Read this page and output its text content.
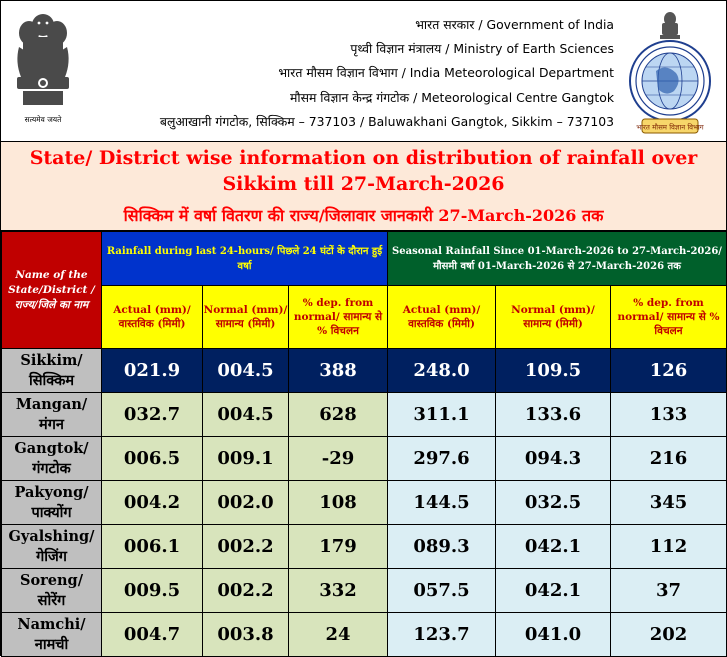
सत्यमेव जयते
भारत सरकार / Government of India
पृथ्वी विज्ञान मंत्रालय / Ministry of Earth Sciences
भारत मौसम विज्ञान विभाग / India Meteorological Department
मौसम विज्ञान केन्द्र गंगटोक / Meteorological Centre Gangtok
बलुआखानी गंगटोक, सिक्किम – 737103 / Baluwakhani Gangtok, Sikkim – 737103	भारत मौसम विज्ञान विभाग
State/ District wise information on distribution of rainfall over
Sikkim till 27-March-2026
सिक्किम में वर्षा वितरण की राज्य/जिलावार जानकारी 27-March-2026 तक
Name of the State/District / राज्य/जिले का नाम	Rainfall during last 24-hours/ पिछले 24 घंटों के दौरान हुई वर्षा			Seasonal Rainfall Since 01-March-2026 to 27-March-2026/ मौसमी वर्षा 01-March-2026 से 27-March-2026 तक		
	Actual (mm)/ वास्तविक (मिमी)	Normal (mm)/ सामान्य (मिमी)	% dep. from normal/ सामान्य से % विचलन	Actual (mm)/ वास्तविक (मिमी)	Normal (mm)/ सामान्य (मिमी)	% dep. from normal/ सामान्य से % विचलन
Sikkim/
सिक्किम	021.9	004.5	388	248.0	109.5	126
Mangan/
मंगन	032.7	004.5	628	311.1	133.6	133
Gangtok/
गंगटोक	006.5	009.1	-29	297.6	094.3	216
Pakyong/
पाक्योंग	004.2	002.0	108	144.5	032.5	345
Gyalshing/
गेजिंग	006.1	002.2	179	089.3	042.1	112
Soreng/
सोरेंग	009.5	002.2	332	057.5	042.1	37
Namchi/
नामची	004.7	003.8	24	123.7	041.0	202
